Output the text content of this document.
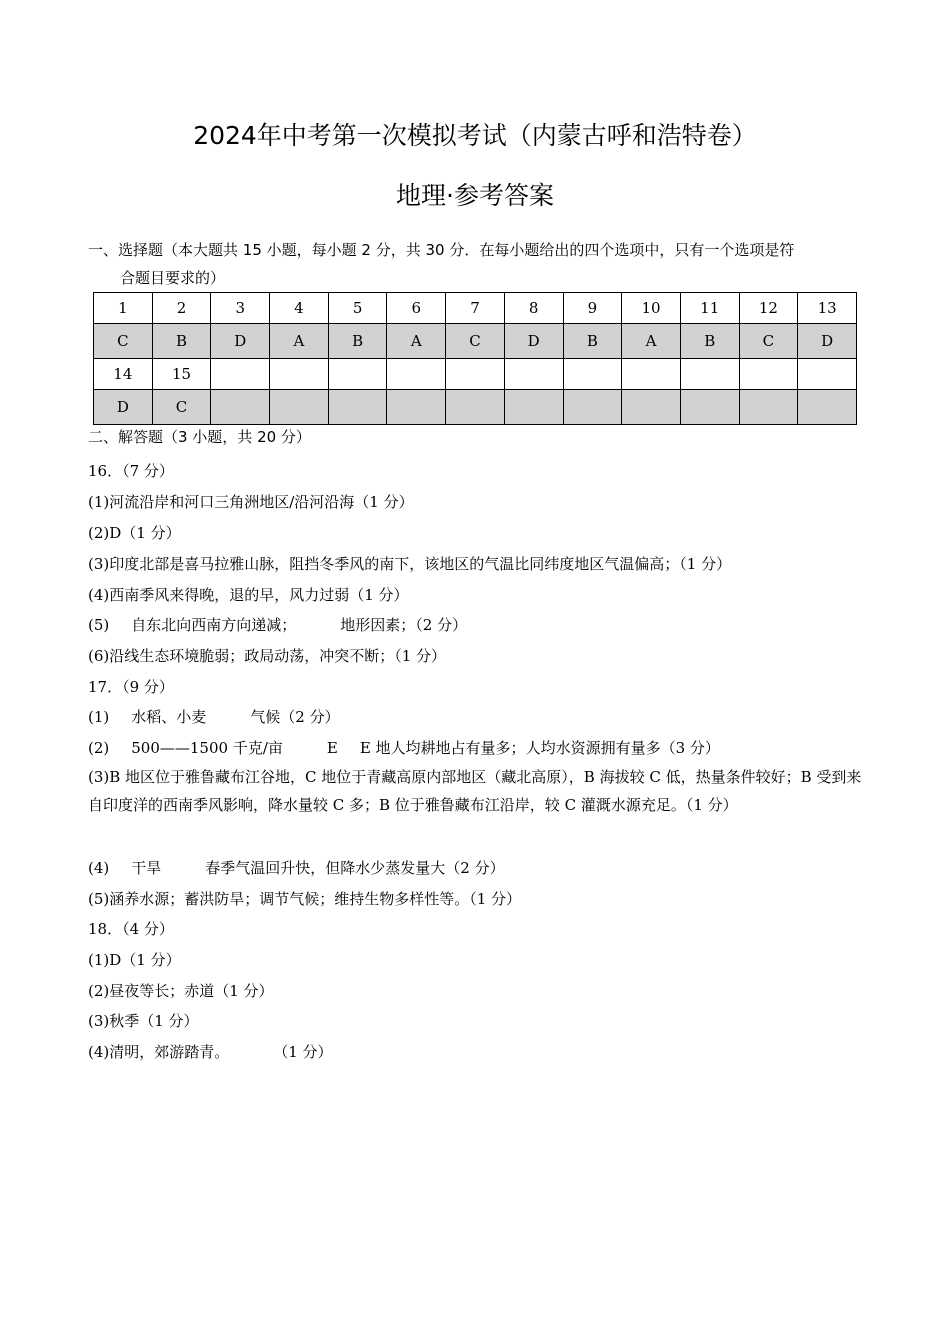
2024年中考第一次模拟考试（内蒙古呼和浩特卷）
地理·参考答案
一、选择题（本大题共 15 小题，每小题 2 分，共 30 分．在每小题给出的四个选项中，只有一个选项是符
合题目要求的）
1	2	3	4	5	6	7	8	9	10	11	12	13
C	B	D	A	B	A	C	D	B	A	B	C	D
14	15											
D	C											
二、解答题（3 小题，共 20 分）
16．（7 分）
(1)河流沿岸和河口三角洲地区/沿河沿海（1 分）
(2)D（1 分）
(3)印度北部是喜马拉雅山脉，阻挡冬季风的南下，该地区的气温比同纬度地区气温偏高；（1 分）
(4)西南季风来得晚，退的早，风力过弱（1 分）
(5) 自东北向西南方向递减；	地形因素；（2 分）
(6)沿线生态环境脆弱；政局动荡，冲突不断；（1 分）
17．（9 分）
(1) 水稻、小麦	气候（2 分）
(2) 500——1500 千克/亩	E E 地人均耕地占有量多；人均水资源拥有量多（3 分）
(3)B 地区位于雅鲁藏布江谷地，C 地位于青藏高原内部地区（藏北高原），B 海拔较 C 低，热量条件较好；B 受到来自印度洋的西南季风影响，降水量较 C 多；B 位于雅鲁藏布江沿岸，较 C 灌溉水源充足。（1 分）
(4) 干旱	春季气温回升快，但降水少蒸发量大（2 分）
(5)涵养水源；蓄洪防旱；调节气候；维持生物多样性等。（1 分）
18．（4 分）
(1)D（1 分）
(2)昼夜等长；赤道（1 分）
(3)秋季（1 分）
(4)清明，郊游踏青。	（1 分）
